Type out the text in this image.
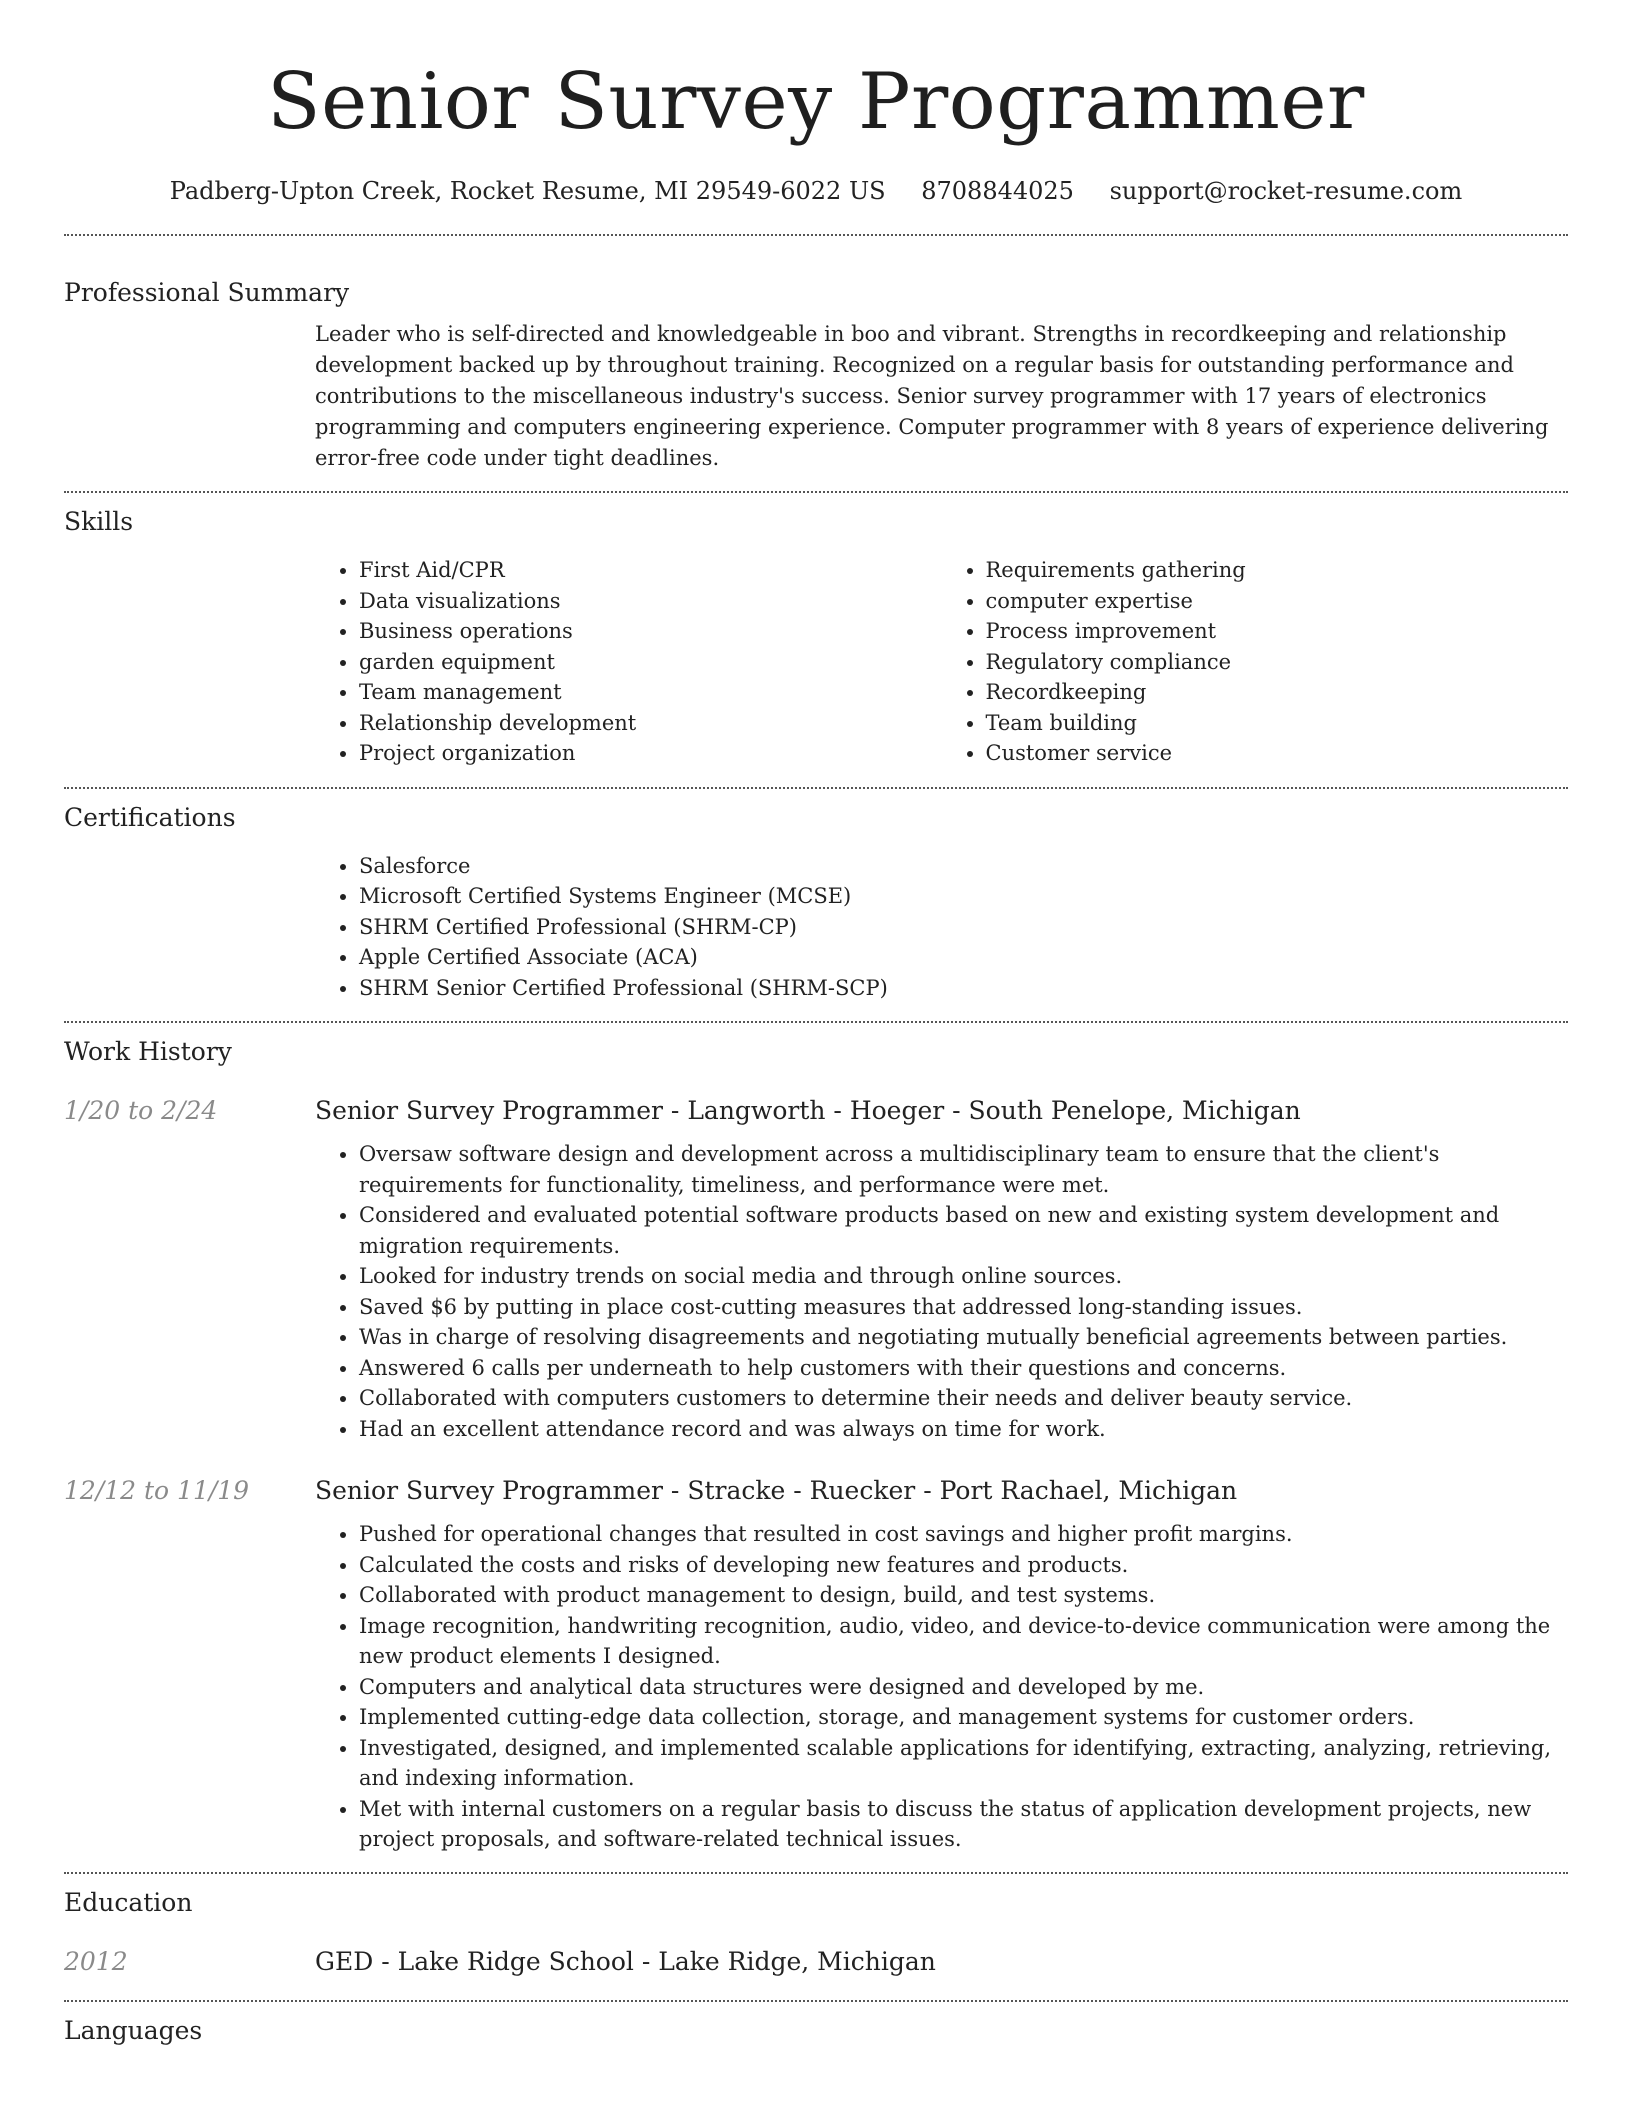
Senior Survey Programmer
Padberg-Upton Creek, Rocket Resume, MI 29549-6022 US 8708844025 support@rocket-resume.com
Professional Summary

Leader who is self-directed and knowledgeable in boo and vibrant. Strengths in recordkeeping and relationship development backed up by throughout training. Recognized on a regular basis for outstanding performance and contributions to the miscellaneous industry's success. Senior survey programmer with 17 years of electronics programming and computers engineering experience. Computer programmer with 8 years of experience delivering error-free code under tight deadlines.

Skills
• First Aid/CPR
• Data visualizations
• Business operations
• garden equipment
• Team management
• Relationship development
• Project organization
• Requirements gathering
• computer expertise
• Process improvement
• Regulatory compliance
• Recordkeeping
• Team building
• Customer service
Certifications
• Salesforce
• Microsoft Certified Systems Engineer (MCSE)
• SHRM Certified Professional (SHRM-CP)
• Apple Certified Associate (ACA)
• SHRM Senior Certified Professional (SHRM-SCP)
Work History
1/20 to 2/24	Senior Survey Programmer - Langworth - Hoeger - South Penelope, Michigan
• Oversaw software design and development across a multidisciplinary team to ensure that the client's requirements for functionality, timeliness, and performance were met.
• Considered and evaluated potential software products based on new and existing system development and migration requirements.
• Looked for industry trends on social media and through online sources.
• Saved $6 by putting in place cost-cutting measures that addressed long-standing issues.
• Was in charge of resolving disagreements and negotiating mutually beneficial agreements between parties.
• Answered 6 calls per underneath to help customers with their questions and concerns.
• Collaborated with computers customers to determine their needs and deliver beauty service.
• Had an excellent attendance record and was always on time for work.
12/12 to 11/19	Senior Survey Programmer - Stracke - Ruecker - Port Rachael, Michigan
• Pushed for operational changes that resulted in cost savings and higher profit margins.
• Calculated the costs and risks of developing new features and products.
• Collaborated with product management to design, build, and test systems.
• Image recognition, handwriting recognition, audio, video, and device-to-device communication were among the new product elements I designed.
• Computers and analytical data structures were designed and developed by me.
• Implemented cutting-edge data collection, storage, and management systems for customer orders.
• Investigated, designed, and implemented scalable applications for identifying, extracting, analyzing, retrieving, and indexing information.
• Met with internal customers on a regular basis to discuss the status of application development projects, new project proposals, and software-related technical issues.
Education
2012	GED - Lake Ridge School - Lake Ridge, Michigan
Languages
